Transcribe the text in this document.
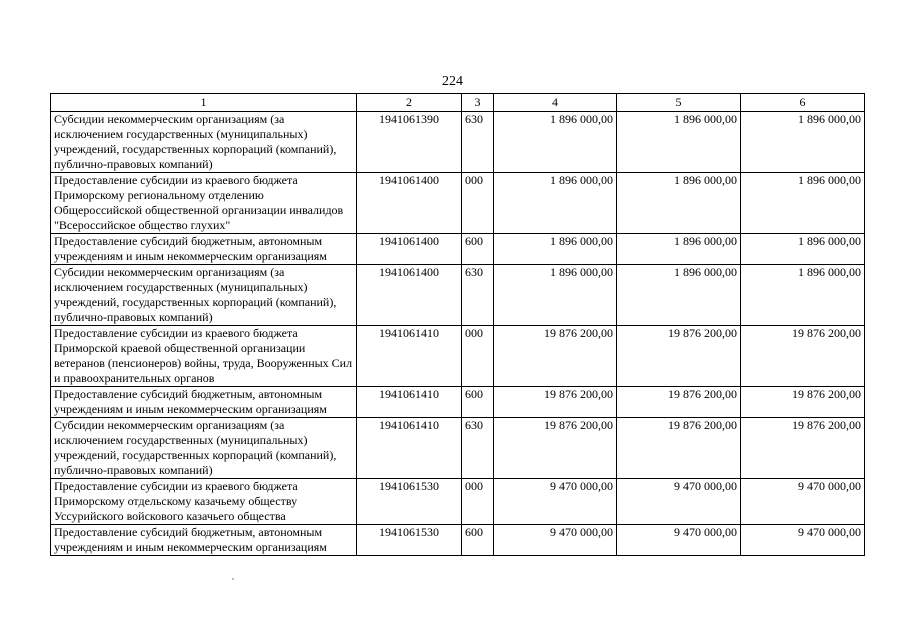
224
1	2	3	4	5	6
Субсидии некоммерческим организациям (за исключением государственных (муниципальных) учреждений, государственных корпораций (компаний), публично-правовых компаний)	1941061390	630	1 896 000,00	1 896 000,00	1 896 000,00
Предоставление субсидии из краевого бюджета Приморскому региональному отделению Общероссийской общественной организации инвалидов "Всероссийское общество глухих"	1941061400	000	1 896 000,00	1 896 000,00	1 896 000,00
Предоставление субсидий бюджетным, автономным учреждениям и иным некоммерческим организациям	1941061400	600	1 896 000,00	1 896 000,00	1 896 000,00
Субсидии некоммерческим организациям (за исключением государственных (муниципальных) учреждений, государственных корпораций (компаний), публично-правовых компаний)	1941061400	630	1 896 000,00	1 896 000,00	1 896 000,00
Предоставление субсидии из краевого бюджета Приморской краевой общественной организации ветеранов (пенсионеров) войны, труда, Вооруженных Сил и правоохранительных органов	1941061410	000	19 876 200,00	19 876 200,00	19 876 200,00
Предоставление субсидий бюджетным, автономным учреждениям и иным некоммерческим организациям	1941061410	600	19 876 200,00	19 876 200,00	19 876 200,00
Субсидии некоммерческим организациям (за исключением государственных (муниципальных) учреждений, государственных корпораций (компаний), публично-правовых компаний)	1941061410	630	19 876 200,00	19 876 200,00	19 876 200,00
Предоставление субсидии из краевого бюджета Приморскому отдельскому казачьему обществу Уссурийского войскового казачьего общества	1941061530	000	9 470 000,00	9 470 000,00	9 470 000,00
Предоставление субсидий бюджетным, автономным учреждениям и иным некоммерческим организациям	1941061530	600	9 470 000,00	9 470 000,00	9 470 000,00
